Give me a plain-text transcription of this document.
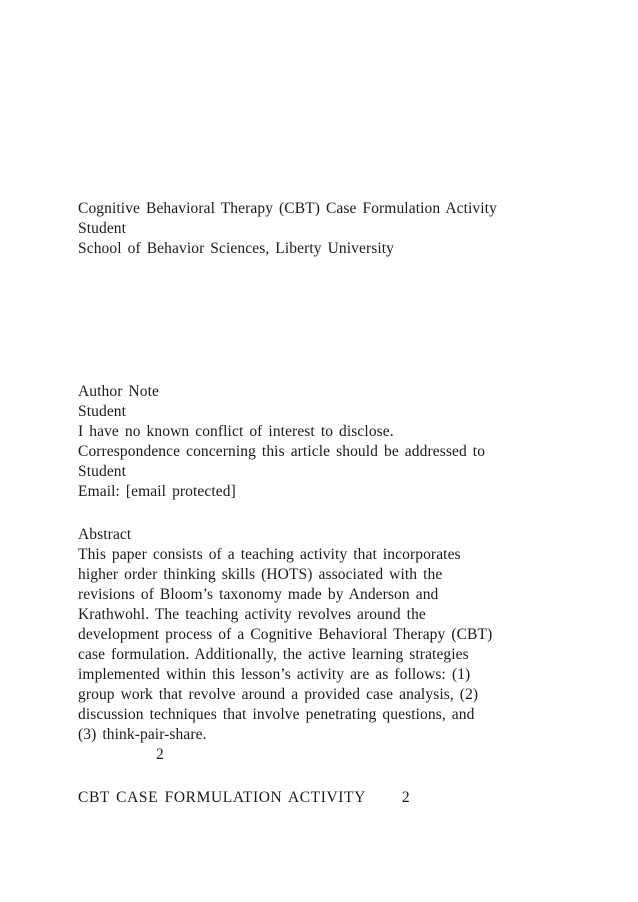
Cognitive Behavioral Therapy (CBT) Case Formulation Activity
Student
School of Behavior Sciences, Liberty University
Author Note
Student
I have no known conflict of interest to disclose.
Correspondence concerning this article should be addressed to
Student
Email: [email protected]
Abstract
This paper consists of a teaching activity that incorporates
higher order thinking skills (HOTS) associated with the
revisions of Bloom’s taxonomy made by Anderson and
Krathwohl. The teaching activity revolves around the
development process of a Cognitive Behavioral Therapy (CBT)
case formulation. Additionally, the active learning strategies
implemented within this lesson’s activity are as follows: (1)
group work that revolve around a provided case analysis, (2)
discussion techniques that involve penetrating questions, and
(3) think-pair-share.
2
CBT CASE FORMULATION ACTIVITY 2
